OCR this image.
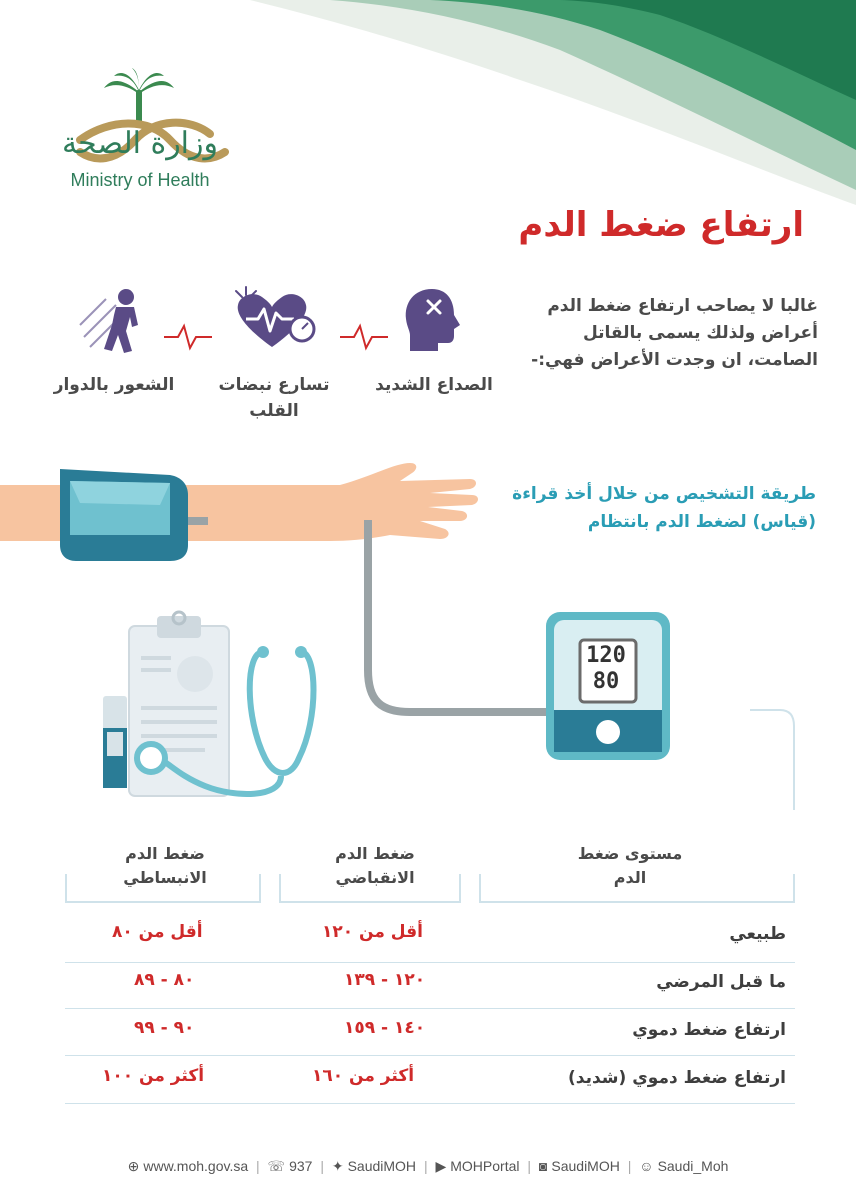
وزارة الصحة
Ministry of Health
ارتفاع ضغط الدم
غالبا لا يصاحب ارتفاع ضغط الدم أعراض ولذلك يسمى بالقاتل الصامت، ان وجدت الأعراض فهي:-
الصداع الشديد
تسارع نبضات القلب
الشعور بالدوار
طريقة التشخيص من خلال أخذ قراءة (قياس) لضغط الدم بانتظام
120
80
مستوى ضغط الدم
ضغط الدم الانقباضي
ضغط الدم الانبساطي
طبيعي
أقل من ١٢٠
أقل من ٨٠
ما قبل المرضي
١٢٠ - ١٣٩
٨٠ - ٨٩
ارتفاع ضغط دموي
١٤٠ - ١٥٩
٩٠ - ٩٩
ارتفاع ضغط دموي (شديد)
أكثر من ١٦٠
أكثر من ١٠٠
⊕ www.moh.gov.sa | ☏ 937 | ✦ SaudiMOH | ▶ MOHPortal | ◙ SaudiMOH | ☺ Saudi_Moh
